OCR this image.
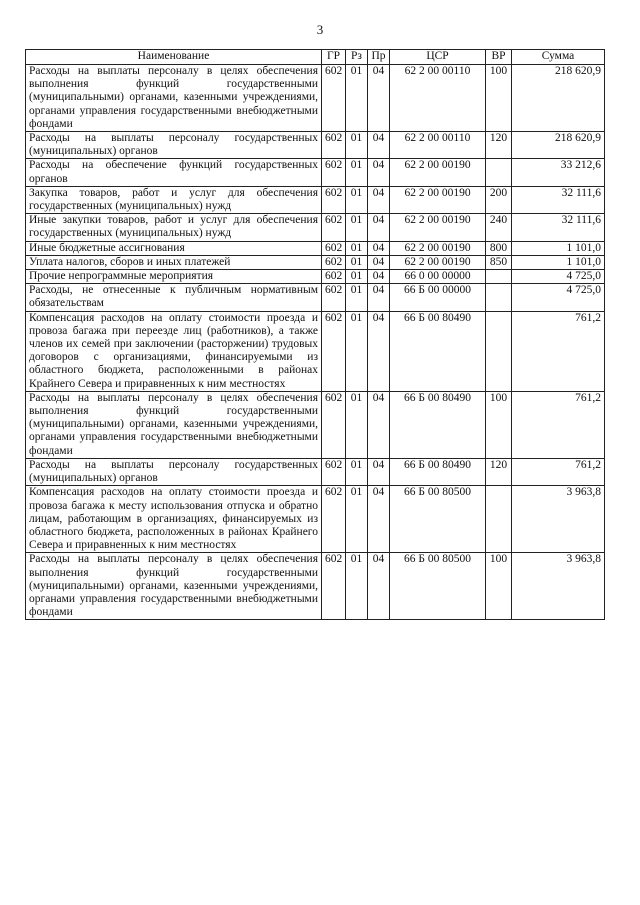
3
Наименование	ГР	Рз	Пр	ЦСР	ВР	Сумма
Расходы на выплаты персоналу в целях обеспечения выполнения функций государственными (муниципальными) органами, казенными учреждениями, органами управления государственными внебюджетными фондами	602	01	04	62 2 00 00110	100	218 620,9
Расходы на выплаты персоналу государственных (муниципальных) органов	602	01	04	62 2 00 00110	120	218 620,9
Расходы на обеспечение функций государственных органов	602	01	04	62 2 00 00190		33 212,6
Закупка товаров, работ и услуг для обеспечения государственных (муниципальных) нужд	602	01	04	62 2 00 00190	200	32 111,6
Иные закупки товаров, работ и услуг для обеспечения государственных (муниципальных) нужд	602	01	04	62 2 00 00190	240	32 111,6
Иные бюджетные ассигнования	602	01	04	62 2 00 00190	800	1 101,0
Уплата налогов, сборов и иных платежей	602	01	04	62 2 00 00190	850	1 101,0
Прочие непрограммные мероприятия	602	01	04	66 0 00 00000		4 725,0
Расходы, не отнесенные к публичным нормативным обязательствам	602	01	04	66 Б 00 00000		4 725,0
Компенсация расходов на оплату стоимости проезда и провоза багажа при переезде лиц (работников), а также членов их семей при заключении (расторжении) трудовых договоров с организациями, финансируемыми из областного бюджета, расположенными в районах Крайнего Севера и приравненных к ним местностях	602	01	04	66 Б 00 80490		761,2
Расходы на выплаты персоналу в целях обеспечения выполнения функций государственными (муниципальными) органами, казенными учреждениями, органами управления государственными внебюджетными фондами	602	01	04	66 Б 00 80490	100	761,2
Расходы на выплаты персоналу государственных (муниципальных) органов	602	01	04	66 Б 00 80490	120	761,2
Компенсация расходов на оплату стоимости проезда и провоза багажа к месту использования отпуска и обратно лицам, работающим в организациях, финансируемых из областного бюджета, расположенных в районах Крайнего Севера и приравненных к ним местностях	602	01	04	66 Б 00 80500		3 963,8
Расходы на выплаты персоналу в целях обеспечения выполнения функций государственными (муниципальными) органами, казенными учреждениями, органами управления государственными внебюджетными фондами	602	01	04	66 Б 00 80500	100	3 963,8
